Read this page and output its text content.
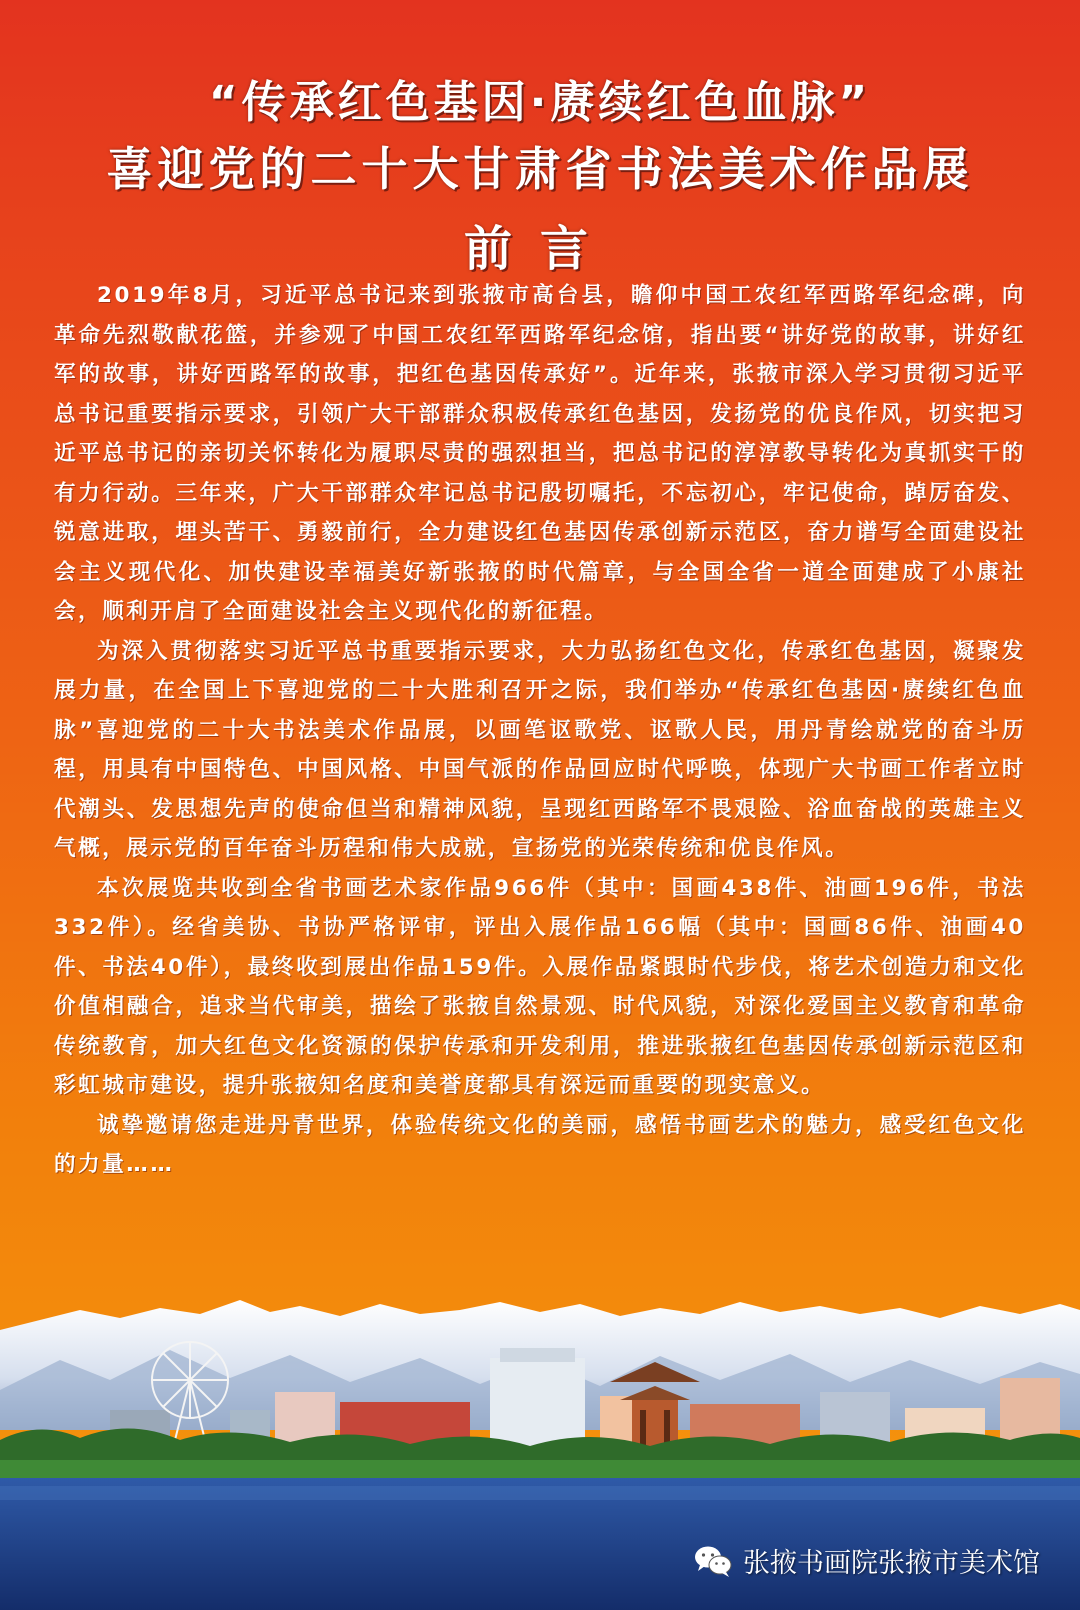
“传承红色基因·赓续红色血脉”
喜迎党的二十大甘肃省书法美术作品展
前言

2019年8月，习近平总书记来到张掖市高台县，瞻仰中国工农红军西路军纪念碑，向革命先烈敬献花篮，并参观了中国工农红军西路军纪念馆，指出要“讲好党的故事，讲好红军的故事，讲好西路军的故事，把红色基因传承好”。近年来，张掖市深入学习贯彻习近平总书记重要指示要求，引领广大干部群众积极传承红色基因，发扬党的优良作风，切实把习近平总书记的亲切关怀转化为履职尽责的强烈担当，把总书记的淳淳教导转化为真抓实干的有力行动。三年来，广大干部群众牢记总书记殷切嘱托，不忘初心，牢记使命，踔厉奋发、锐意进取，埋头苦干、勇毅前行，全力建设红色基因传承创新示范区，奋力谱写全面建设社会主义现代化、加快建设幸福美好新张掖的时代篇章，与全国全省一道全面建成了小康社会，顺利开启了全面建设社会主义现代化的新征程。

为深入贯彻落实习近平总书重要指示要求，大力弘扬红色文化，传承红色基因，凝聚发展力量，在全国上下喜迎党的二十大胜利召开之际，我们举办“传承红色基因·赓续红色血脉”喜迎党的二十大书法美术作品展，以画笔讴歌党、讴歌人民，用丹青绘就党的奋斗历程，用具有中国特色、中国风格、中国气派的作品回应时代呼唤，体现广大书画工作者立时代潮头、发思想先声的使命但当和精神风貌，呈现红西路军不畏艰险、浴血奋战的英雄主义气概，展示党的百年奋斗历程和伟大成就，宣扬党的光荣传统和优良作风。

本次展览共收到全省书画艺术家作品966件（其中：国画438件、油画196件，书法332件）。经省美协、书协严格评审，评出入展作品166幅（其中：国画86件、油画40件、书法40件），最终收到展出作品159件。入展作品紧跟时代步伐，将艺术创造力和文化价值相融合，追求当代审美，描绘了张掖自然景观、时代风貌，对深化爱国主义教育和革命传统教育，加大红色文化资源的保护传承和开发利用，推进张掖红色基因传承创新示范区和彩虹城市建设，提升张掖知名度和美誉度都具有深远而重要的现实意义。

诚挚邀请您走进丹青世界，体验传统文化的美丽，感悟书画艺术的魅力，感受红色文化的力量……

张掖书画院张掖市美术馆
